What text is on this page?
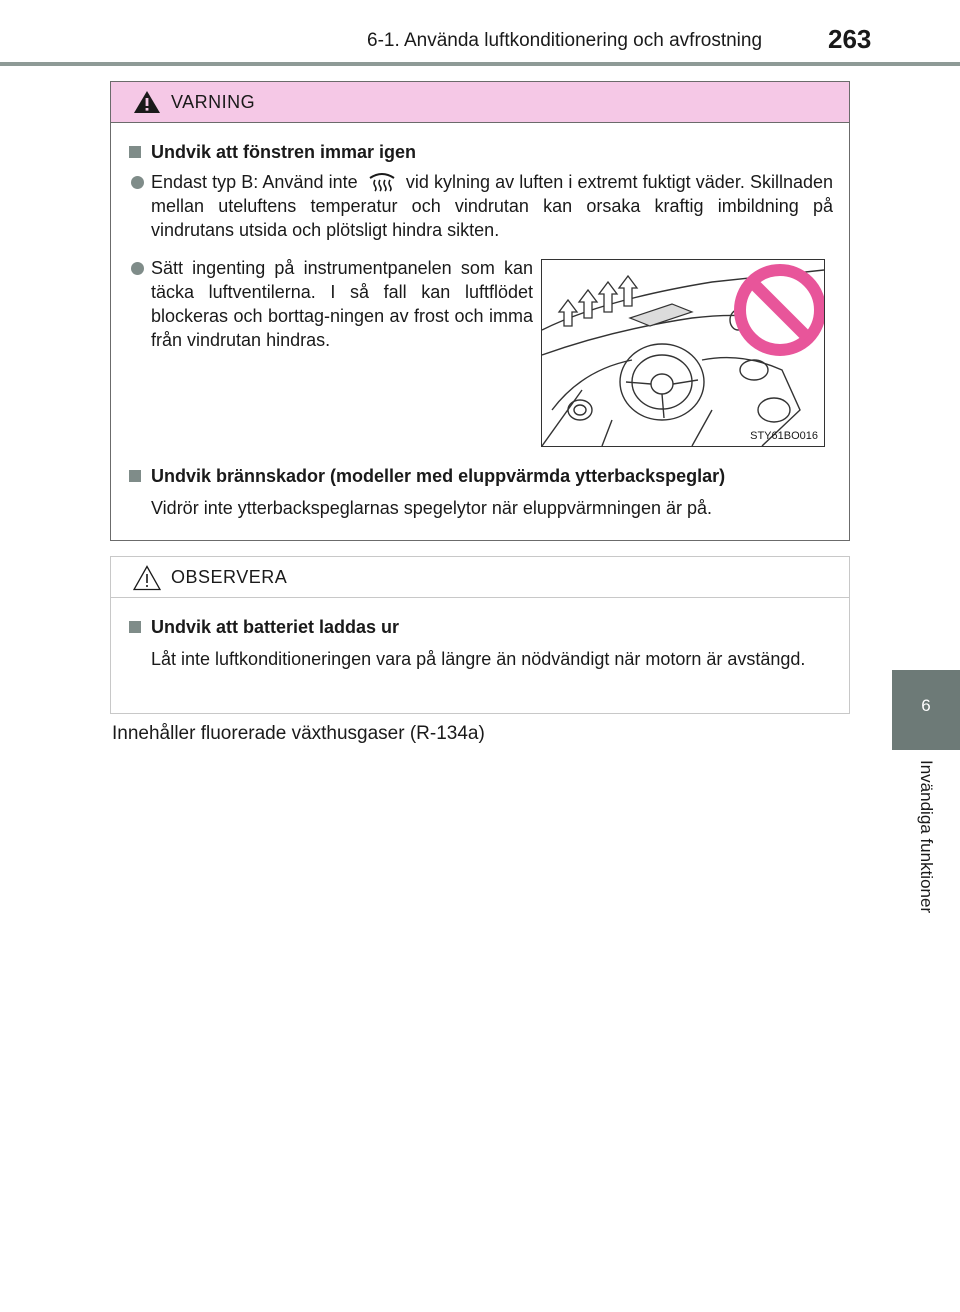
6-1. Använda luftkonditionering och avfrostning	263
6
Invändiga funktioner
VARNING
Undvik att fönstren immar igen
Endast typ B: Använd inte	vid kylning av luften i extremt fuktigt väder. Skillnaden mellan uteluftens temperatur och vindrutan kan orsaka kraftig imbildning på vindrutans utsida och plötsligt hindra sikten.
Sätt ingenting på instrumentpanelen som kan täcka luftventilerna. I så fall kan luftflödet blockeras och borttag-ningen av frost och imma från vindrutan hindras.
STY61BO016
Undvik brännskador (modeller med eluppvärmda ytterbackspeglar)
Vidrör inte ytterbackspeglarnas spegelytor när eluppvärmningen är på.
OBSERVERA
Undvik att batteriet laddas ur
Låt inte luftkonditioneringen vara på längre än nödvändigt när motorn är avstängd.
Innehåller fluorerade växthusgaser (R-134a)
